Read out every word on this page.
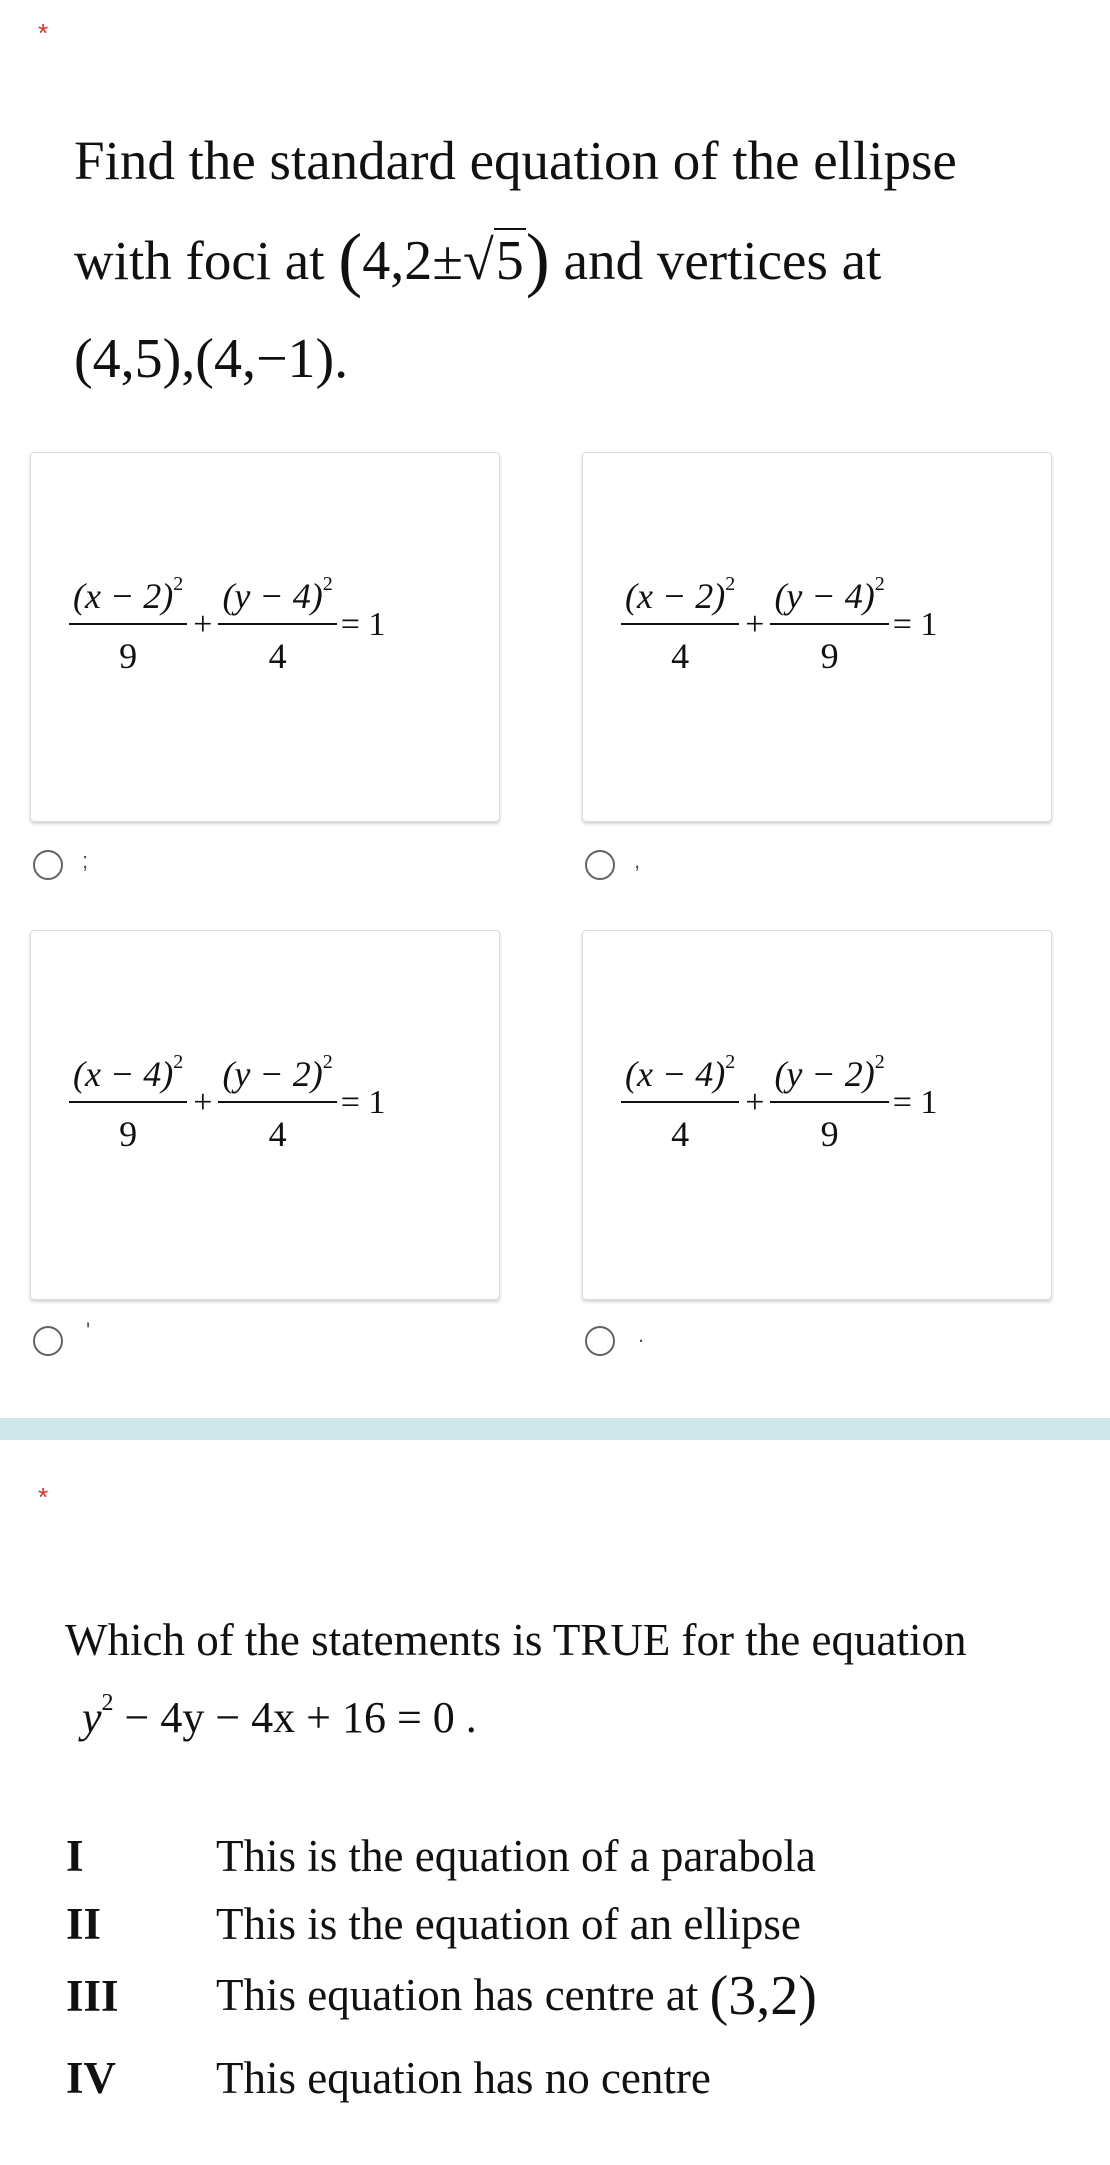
*
Find the standard equation of the ellipse
with foci at (4,2±√5) and vertices at
(4,5),(4,−1).
$\frac{(x - 2)^2}{9} + \frac{(y - 4)^2}{4} = 1$
;
$\frac{(x - 2)^2}{4} + \frac{(y - 4)^2}{9} = 1$
,
$\frac{(x - 4)^2}{9} + \frac{(y - 2)^2}{4} = 1$
'
$\frac{(x - 4)^2}{4} + \frac{(y - 2)^2}{9} = 1$
.
*
Which of the statements is TRUE for the equation
$y^2 - 4y - 4x + 16 = 0$ .
I	This is the equation of a parabola
II	This is the equation of an ellipse
III	This equation has centre at (3,2)
IV	This equation has no centre
